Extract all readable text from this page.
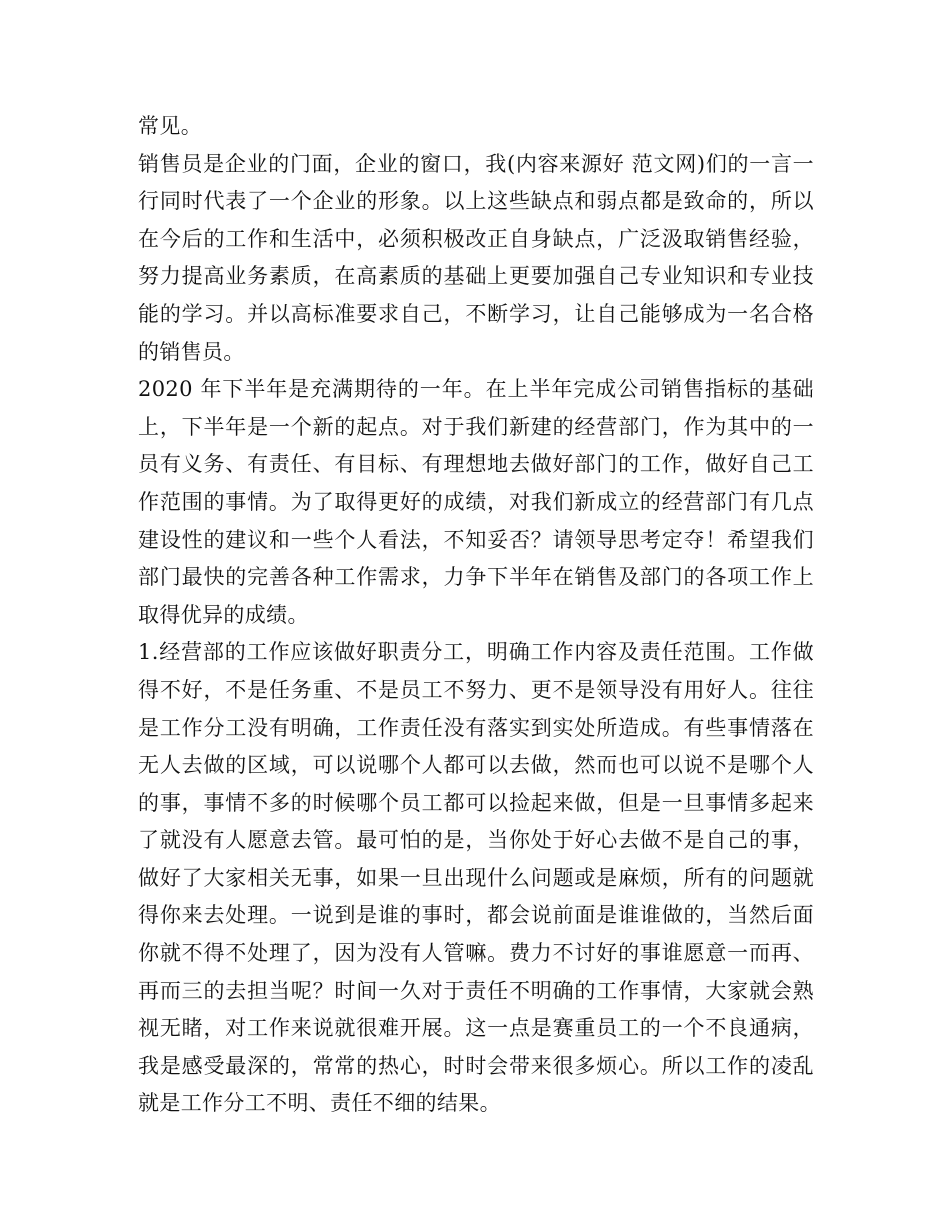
常见。

销售员是企业的门面，企业的窗口，我(内容来源好 范文网)们的一言一行同时代表了一个企业的形象。以上这些缺点和弱点都是致命的，所以在今后的工作和生活中，必须积极改正自身缺点，广泛汲取销售经验，努力提高业务素质，在高素质的基础上更要加强自己专业知识和专业技能的学习。并以高标准要求自己，不断学习，让自己能够成为一名合格的销售员。

2020 年下半年是充满期待的一年。在上半年完成公司销售指标的基础上，下半年是一个新的起点。对于我们新建的经营部门，作为其中的一员有义务、有责任、有目标、有理想地去做好部门的工作，做好自己工作范围的事情。为了取得更好的成绩，对我们新成立的经营部门有几点建设性的建议和一些个人看法，不知妥否？请领导思考定夺！希望我们部门最快的完善各种工作需求，力争下半年在销售及部门的各项工作上取得优异的成绩。

1.经营部的工作应该做好职责分工，明确工作内容及责任范围。工作做得不好，不是任务重、不是员工不努力、更不是领导没有用好人。往往是工作分工没有明确，工作责任没有落实到实处所造成。有些事情落在无人去做的区域，可以说哪个人都可以去做，然而也可以说不是哪个人的事，事情不多的时候哪个员工都可以捡起来做，但是一旦事情多起来了就没有人愿意去管。最可怕的是，当你处于好心去做不是自己的事，做好了大家相关无事，如果一旦出现什么问题或是麻烦，所有的问题就得你来去处理。一说到是谁的事时，都会说前面是谁谁做的，当然后面你就不得不处理了，因为没有人管嘛。费力不讨好的事谁愿意一而再、再而三的去担当呢？时间一久对于责任不明确的工作事情，大家就会熟视无睹，对工作来说就很难开展。这一点是赛重员工的一个不良通病，我是感受最深的，常常的热心，时时会带来很多烦心。所以工作的凌乱就是工作分工不明、责任不细的结果。
